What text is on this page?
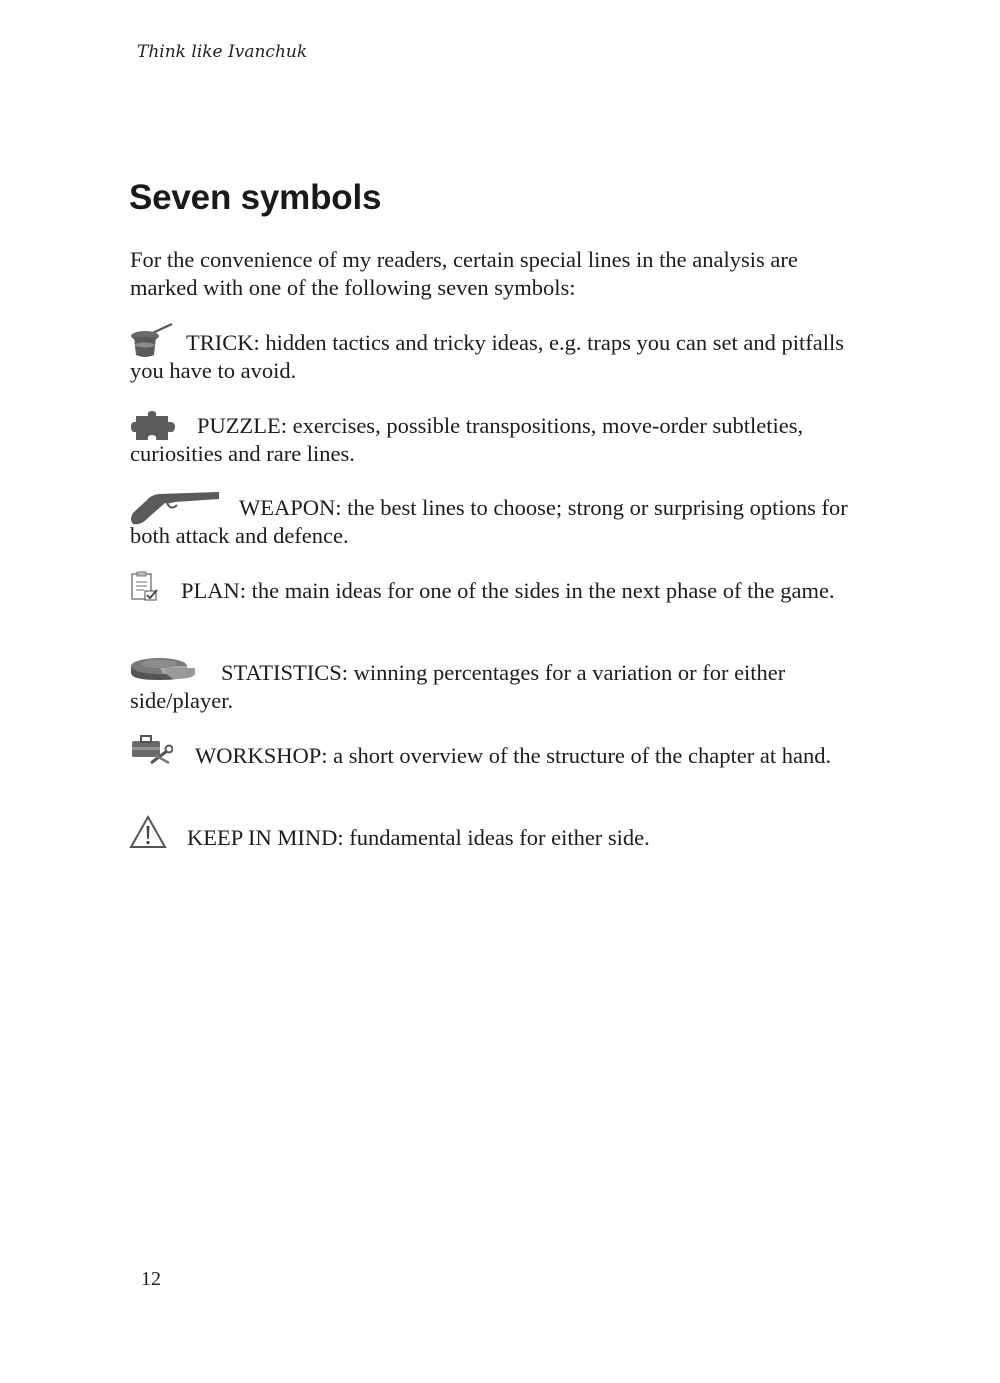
Think like Ivanchuk
Seven symbols

For the convenience of my readers, certain special lines in the analysis are marked with one of the following seven symbols:

TRICK: hidden tactics and tricky ideas, e.g. traps you can set and pitfalls you have to avoid.

PUZZLE: exercises, possible transpositions, move-order subtleties, curiosities and rare lines.

WEAPON: the best lines to choose; strong or surprising options for both attack and defence.

PLAN: the main ideas for one of the sides in the next phase of the game.

STATISTICS: winning percentages for a variation or for either side/player.

WORKSHOP: a short overview of the structure of the chapter at hand.

KEEP IN MIND: fundamental ideas for either side.

12
